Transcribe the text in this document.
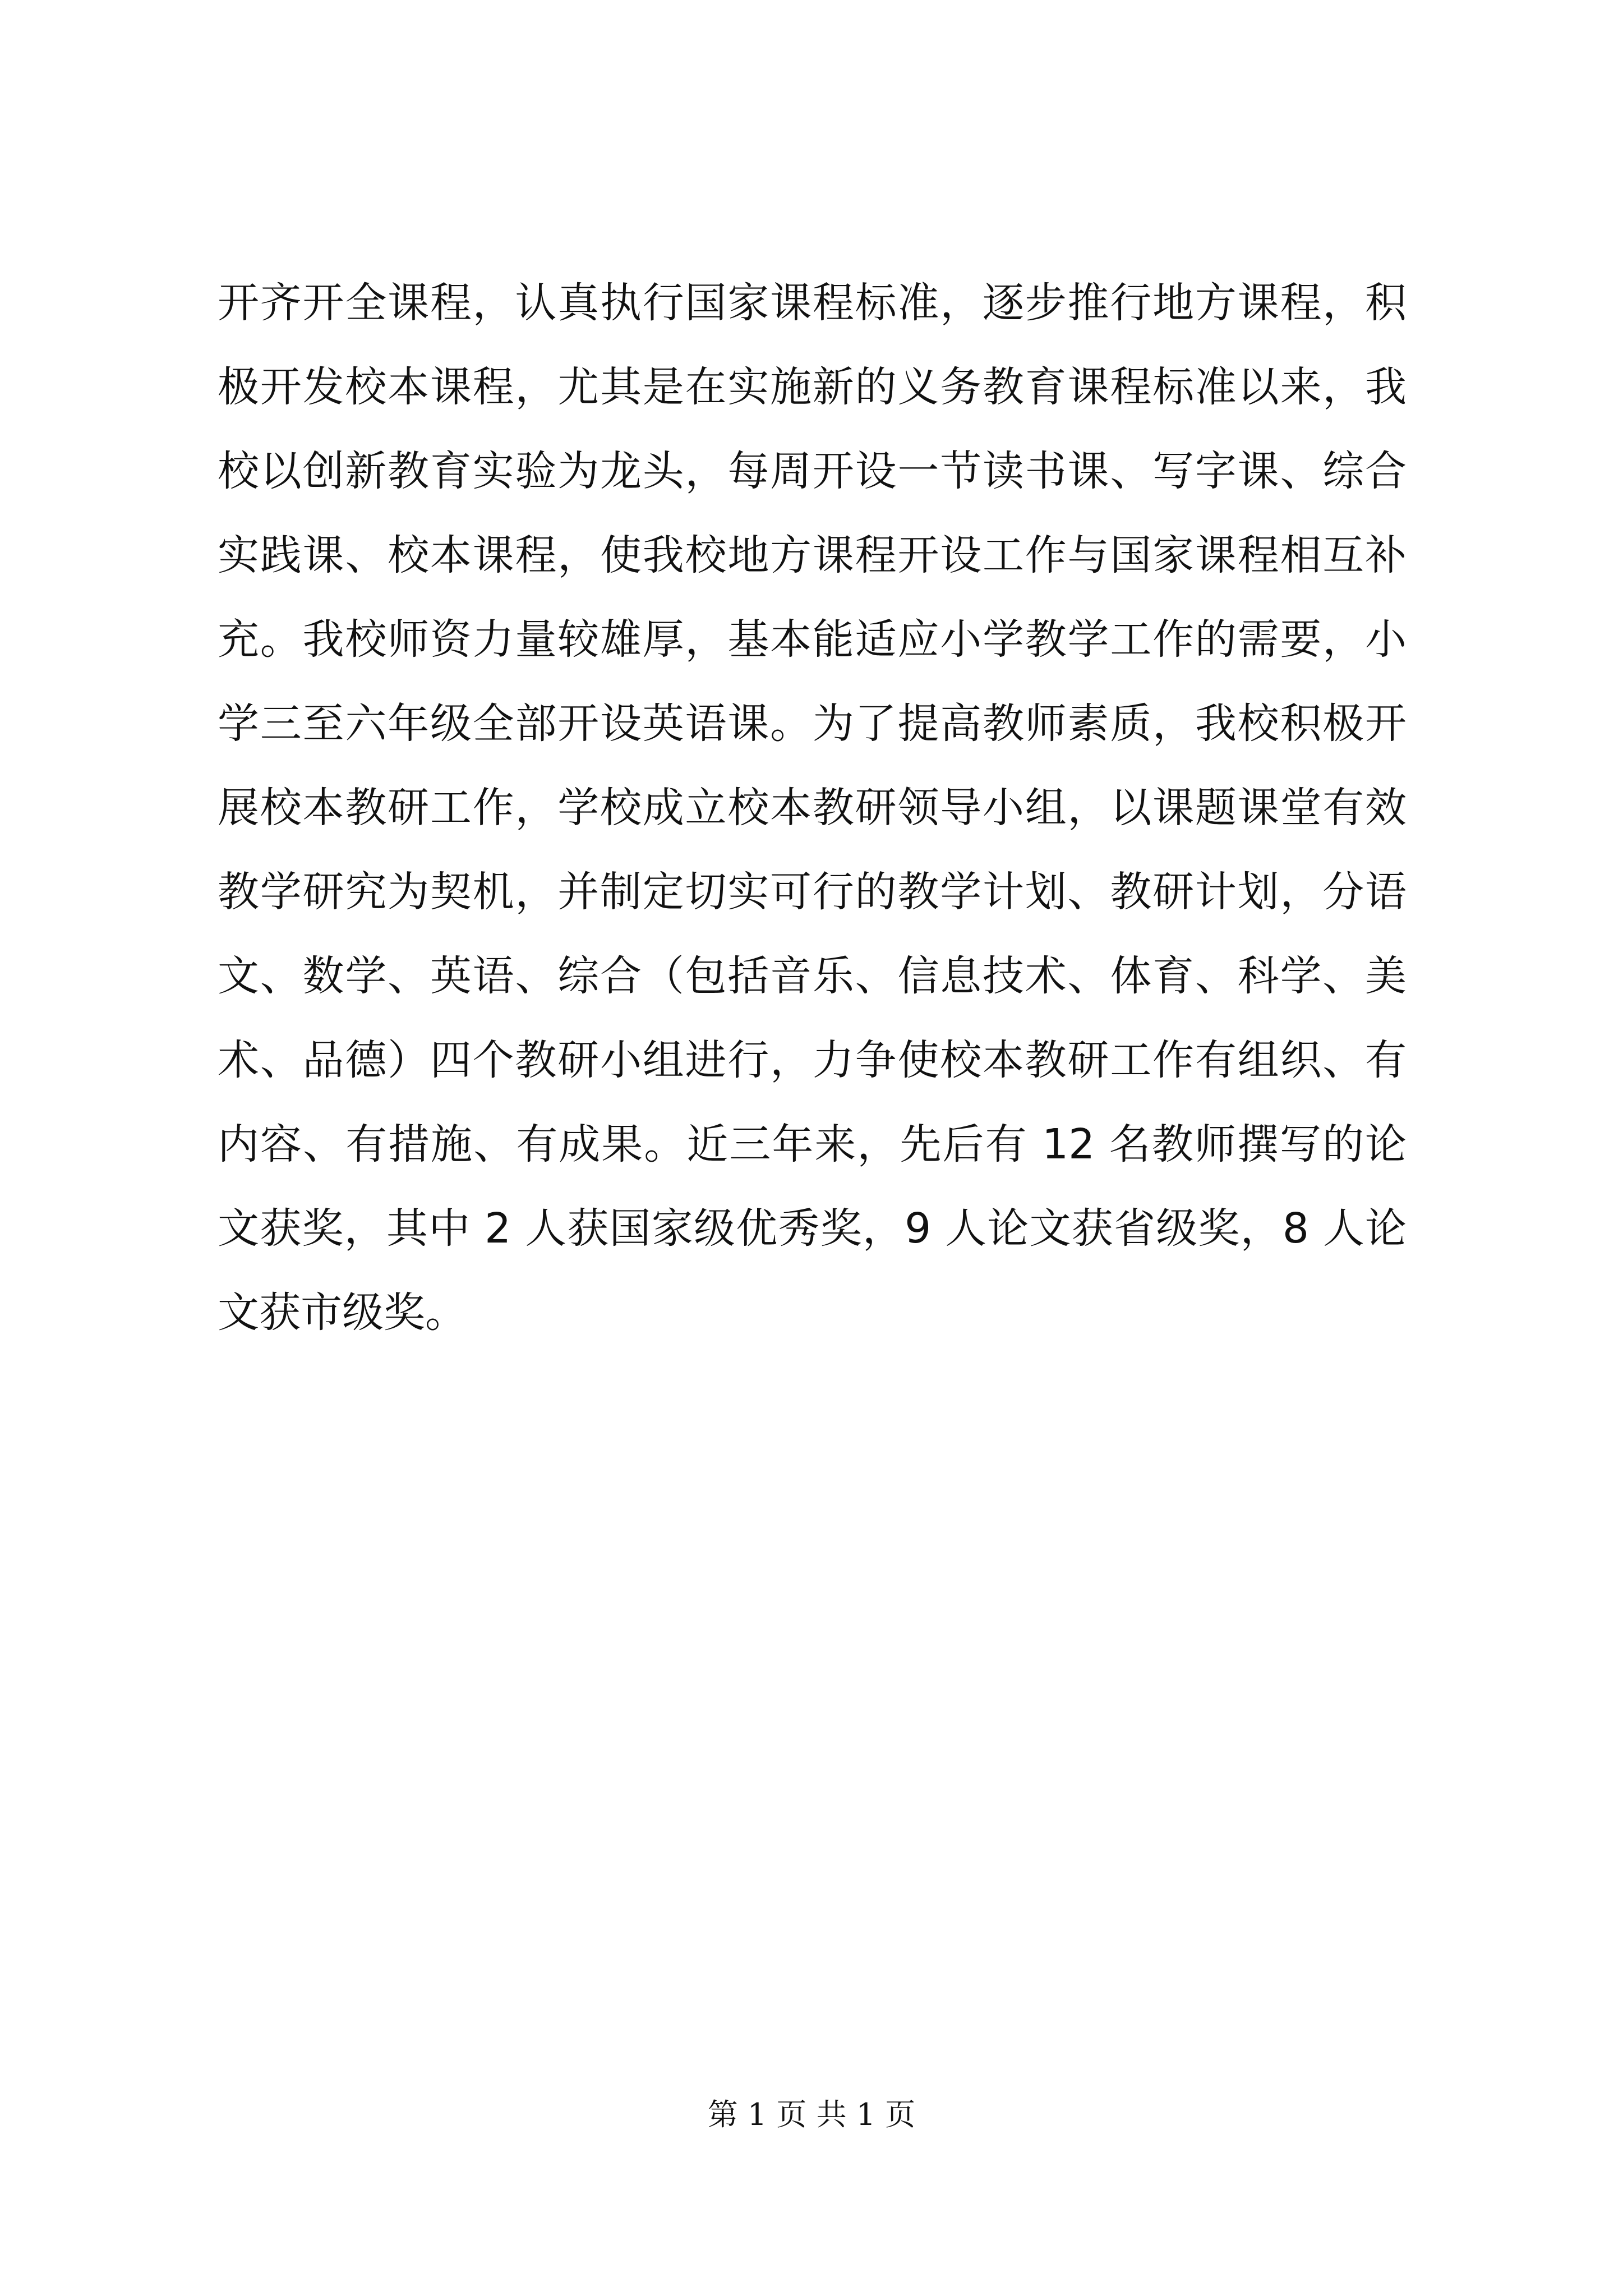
开齐开全课程，认真执行国家课程标准，逐步推行地方课程，积
极开发校本课程，尤其是在实施新的义务教育课程标准以来，我
校以创新教育实验为龙头，每周开设一节读书课、写字课、综合
实践课、校本课程，使我校地方课程开设工作与国家课程相互补
充。我校师资力量较雄厚，基本能适应小学教学工作的需要，小
学三至六年级全部开设英语课。为了提高教师素质，我校积极开
展校本教研工作，学校成立校本教研领导小组，以课题课堂有效
教学研究为契机，并制定切实可行的教学计划、教研计划，分语
文、数学、英语、综合（包括音乐、信息技术、体育、科学、美
术、品德）四个教研小组进行，力争使校本教研工作有组织、有
内容、有措施、有成果。近三年来，先后有 12 名教师撰写的论
文获奖，其中 2 人获国家级优秀奖，9 人论文获省级奖，8 人论
文获市级奖。
第 1 页 共 1 页
